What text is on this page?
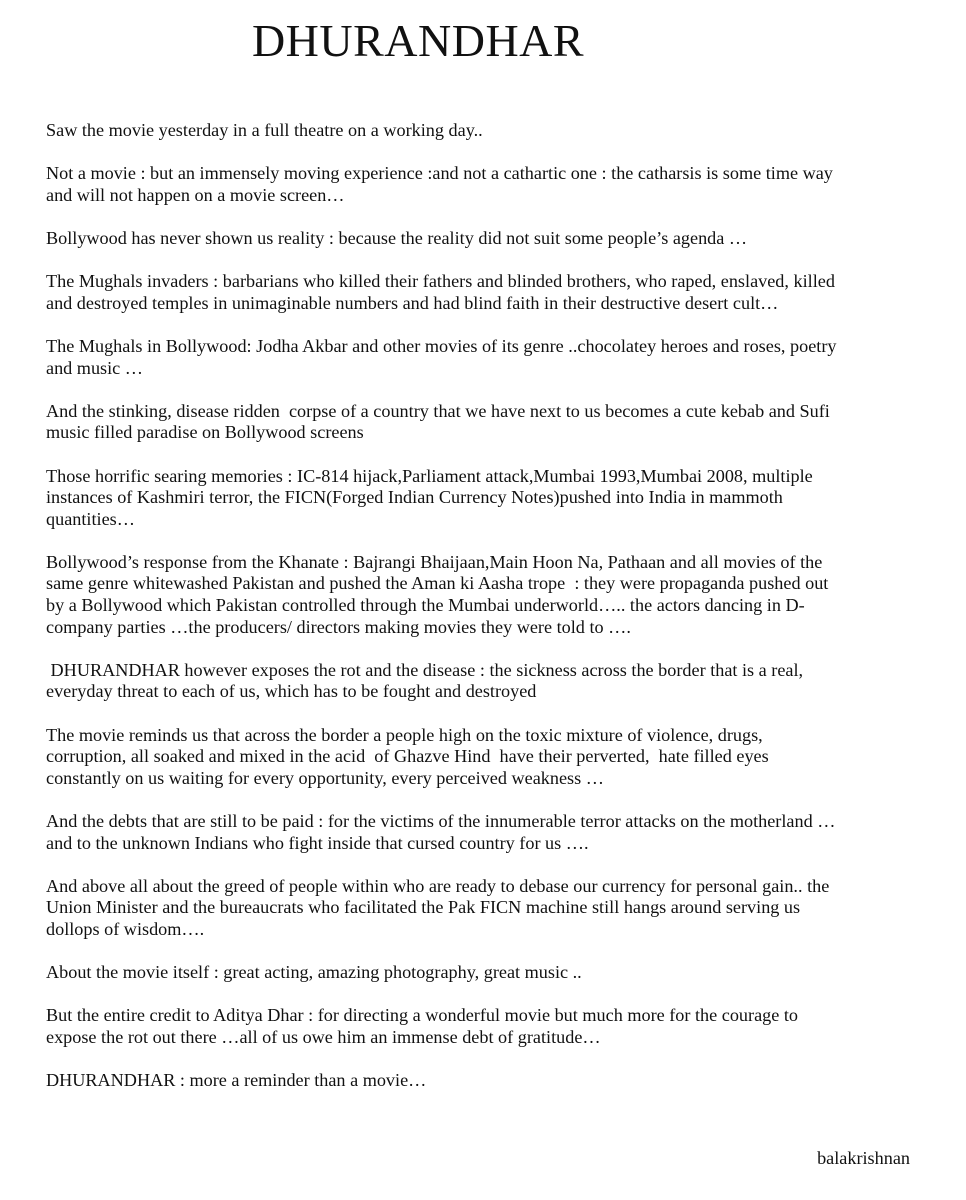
DHURANDHAR

Saw the movie yesterday in a full theatre on a working day..

Not a movie : but an immensely moving experience :and not a cathartic one : the catharsis is some time way
and will not happen on a movie screen…

Bollywood has never shown us reality : because the reality did not suit some people’s agenda …

The Mughals invaders : barbarians who killed their fathers and blinded brothers, who raped, enslaved, killed
and destroyed temples in unimaginable numbers and had blind faith in their destructive desert cult…

The Mughals in Bollywood: Jodha Akbar and other movies of its genre ..chocolatey heroes and roses, poetry
and music …

And the stinking, disease ridden  corpse of a country that we have next to us becomes a cute kebab and Sufi
music filled paradise on Bollywood screens

Those horrific searing memories : IC-814 hijack,Parliament attack,Mumbai 1993,Mumbai 2008, multiple
instances of Kashmiri terror, the FICN(Forged Indian Currency Notes)pushed into India in mammoth
quantities…

Bollywood’s response from the Khanate : Bajrangi Bhaijaan,Main Hoon Na, Pathaan and all movies of the
same genre whitewashed Pakistan and pushed the Aman ki Aasha trope  : they were propaganda pushed out
by a Bollywood which Pakistan controlled through the Mumbai underworld….. the actors dancing in D-
company parties …the producers/ directors making movies they were told to ….

DHURANDHAR however exposes the rot and the disease : the sickness across the border that is a real,
everyday threat to each of us, which has to be fought and destroyed

The movie reminds us that across the border a people high on the toxic mixture of violence, drugs,
corruption, all soaked and mixed in the acid  of Ghazve Hind  have their perverted,  hate filled eyes
constantly on us waiting for every opportunity, every perceived weakness …

And the debts that are still to be paid : for the victims of the innumerable terror attacks on the motherland …
and to the unknown Indians who fight inside that cursed country for us ….

And above all about the greed of people within who are ready to debase our currency for personal gain.. the
Union Minister and the bureaucrats who facilitated the Pak FICN machine still hangs around serving us
dollops of wisdom….

About the movie itself : great acting, amazing photography, great music ..

But the entire credit to Aditya Dhar : for directing a wonderful movie but much more for the courage to
expose the rot out there …all of us owe him an immense debt of gratitude…

DHURANDHAR : more a reminder than a movie…

balakrishnan
